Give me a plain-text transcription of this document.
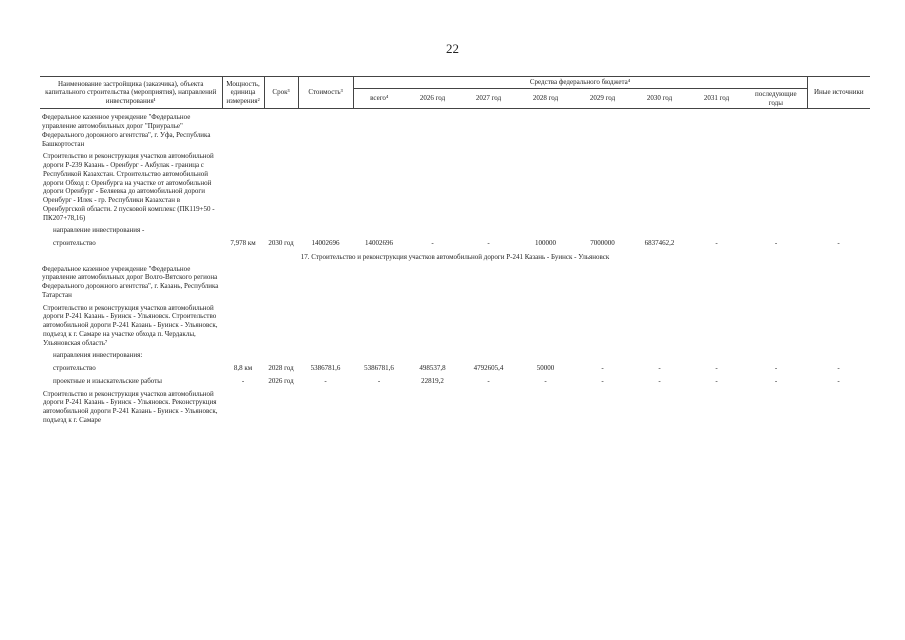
22
Наименование застройщика (заказчика), объекта капитального строительства (мероприятия), направлений инвестирования¹	Мощность, единица измерения²	Срок³	Стоимость³	Средства федерального бюджета⁴								Иные источники
				всего⁴	2026 год	2027 год	2028 год	2029 год	2030 год	2031 год	последующие годы	

Федеральное казенное учреждение "Федеральное управление автомобильных дорог "Приуралье" Федерального дорожного агентства", г. Уфа, Республика Башкортостан												

Строительство и реконструкция участков автомобильной дороги Р-239 Казань - Оренбург - Акбулак - граница с Республикой Казахстан. Строительство автомобильной дороги Обход г. Оренбурга на участке от автомобильной дороги Оренбург - Беляевка до автомобильной дороги Оренбург - Илек - гр. Республики Казахстан в Оренбургской области. 2 пусковой комплекс (ПК119+50 - ПК207+78,16)												

направление инвестирования -												

строительство	7,978 км	2030 год	14002696	14002696	-	-	100000	7000000	6837462,2	-	-	-

17. Строительство и реконструкция участков автомобильной дороги Р-241 Казань - Буинск - Ульяновск												
Федеральное казенное учреждение "Федеральное управление автомобильных дорог Волго-Вятского региона Федерального дорожного агентства", г. Казань, Республика Татарстан												

Строительство и реконструкция участков автомобильной дороги Р-241 Казань - Буинск - Ульяновск. Строительство автомобильной дороги Р-241 Казань - Буинск - Ульяновск, подъезд к г. Самаре на участке обхода п. Чердаклы, Ульяновская область⁷												

направления инвестирования:												

строительство	8,8 км	2028 год	5386781,6	5386781,6	498537,8	4792605,4	50000	-	-	-	-	-

проектные и изыскательские работы	-	2026 год	-	-	22819,2	-	-	-	-	-	-	-

Строительство и реконструкция участков автомобильной дороги Р-241 Казань - Буинск - Ульяновск. Реконструкция автомобильной дороги Р-241 Казань - Буинск - Ульяновск, подъезд к г. Самаре												
